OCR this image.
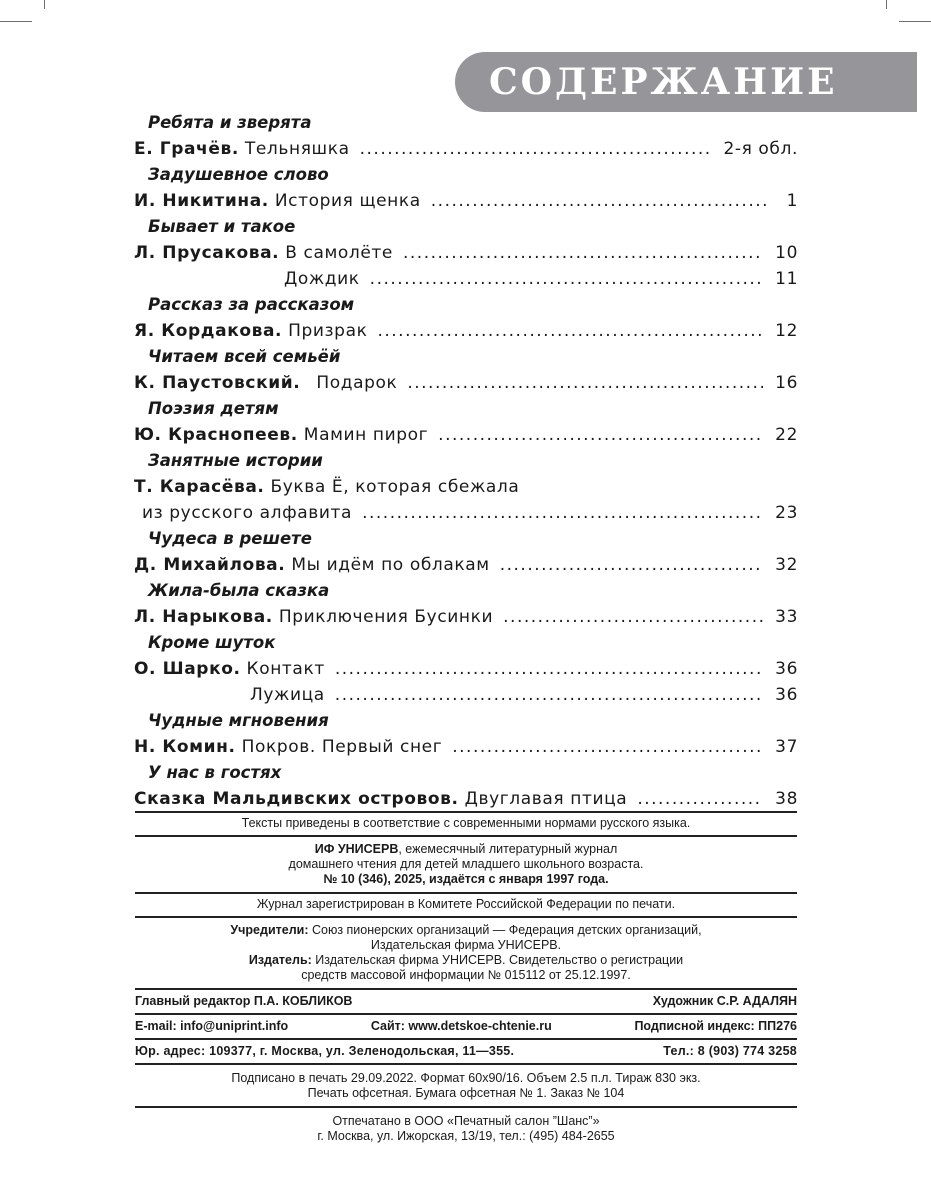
СОДЕРЖАНИЕ
Ребята и зверята
Е. Грачёв. Тельняшка .....	2-я обл.
Задушевное слово
И. Никитина. История щенка .....	1
Бывает и такое
Л. Прусакова. В самолёте .....	10
Дождик .....	11
Рассказ за рассказом
Я. Кордакова. Призрак .....	12
Читаем всей семьёй
К. Паустовский. Подарок .....	16
Поэзия детям
Ю. Краснопеев. Мамин пирог .....	22
Занятные истории
Т. Карасёва. Буква Ё, которая сбежала
из русского алфавита .....	23
Чудеса в решете
Д. Михайлова. Мы идём по облакам .....	32
Жила-была сказка
Л. Нарыкова. Приключения Бусинки .....	33
Кроме шуток
О. Шарко. Контакт .....	36
Лужица .....	36
Чудные мгновения
Н. Комин. Покров. Первый снег .....	37
У нас в гостях
Сказка Мальдивских островов. Двуглавая птица .....	38
Тексты приведены в соответствие с современными нормами русского языка.
ИФ УНИСЕРВ, ежемесячный литературный журнал
домашнего чтения для детей младшего школьного возраста.
№ 10 (346), 2025, издаётся с января 1997 года.
Журнал зарегистрирован в Комитете Российской Федерации по печати.
Учредители: Союз пионерских организаций — Федерация детских организаций,
Издательская фирма УНИСЕРВ.
Издатель: Издательская фирма УНИСЕРВ. Свидетельство о регистрации
средств массовой информации № 015112 от 25.12.1997.
Главный редактор П.А. КОБЛИКОВ	Художник С.Р. АДАЛЯН
E-mail: info@uniprint.info	Сайт: www.detskoe-chtenie.ru	Подписной индекс: ПП276
Юр. адрес: 109377, г. Москва, ул. Зеленодольская, 11—355.	Тел.: 8 (903) 774 3258
Подписано в печать 29.09.2022. Формат 60х90/16. Объем 2.5 п.л. Тираж 830 экз.
Печать офсетная. Бумага офсетная № 1. Заказ № 104
Отпечатано в ООО «Печатный салон ”Шанс”»
г. Москва, ул. Ижорская, 13/19, тел.: (495) 484-2655
